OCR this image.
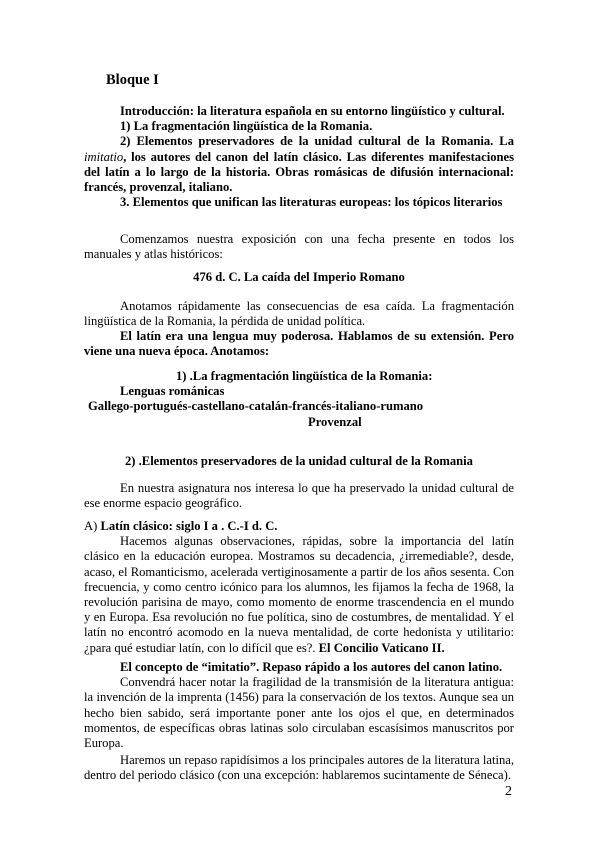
Bloque I

Introducción: la literatura española en su entorno lingüístico y cultural.

1) La fragmentación lingüística de la Romania.

2) Elementos preservadores de la unidad cultural de la Romania. La imitatio, los autores del canon del latín clásico. Las diferentes manifestaciones del latín a lo largo de la historia. Obras romásicas de difusión internacional: francés, provenzal, italiano.

3. Elementos que unifican las literaturas europeas: los tópicos literarios

Comenzamos nuestra exposición con una fecha presente en todos los manuales y atlas históricos:

476 d. C. La caída del Imperio Romano

Anotamos rápidamente las consecuencias de esa caída. La fragmentación lingüística de la Romania, la pérdida de unidad política.

El latín era una lengua muy poderosa. Hablamos de su extensión. Pero viene una nueva época. Anotamos:

1) .La fragmentación lingüística de la Romania:

Lenguas románicas

Gallego-portugués-castellano-catalán-francés-italiano-rumano

Provenzal

2) .Elementos preservadores de la unidad cultural de la Romania

En nuestra asignatura nos interesa lo que ha preservado la unidad cultural de ese enorme espacio geográfico.

A) Latín clásico: siglo I a . C.-I d. C.

Hacemos algunas observaciones, rápidas, sobre la importancia del latín clásico en la educación europea. Mostramos su decadencia, ¿irremediable?, desde, acaso, el Romanticismo, acelerada vertiginosamente a partir de los años sesenta. Con frecuencia, y como centro icónico para los alumnos, les fijamos la fecha de 1968, la revolución parisina de mayo, como momento de enorme trascendencia en el mundo y en Europa. Esa revolución no fue política, sino de costumbres, de mentalidad. Y el latín no encontró acomodo en la nueva mentalidad, de corte hedonista y utilitario: ¿para qué estudiar latín, con lo difícil que es?. El Concilio Vaticano II.

El concepto de “imitatio”. Repaso rápido a los autores del canon latino.

Convendrá hacer notar la fragilidad de la transmisión de la literatura antigua: la invención de la imprenta (1456) para la conservación de los textos. Aunque sea un hecho bien sabido, será importante poner ante los ojos el que, en determinados momentos, de específicas obras latinas solo circulaban escasísimos manuscritos por Europa.

Haremos un repaso rapidísimos a los principales autores de la literatura latina, dentro del periodo clásico (con una excepción: hablaremos sucintamente de Séneca).

2
